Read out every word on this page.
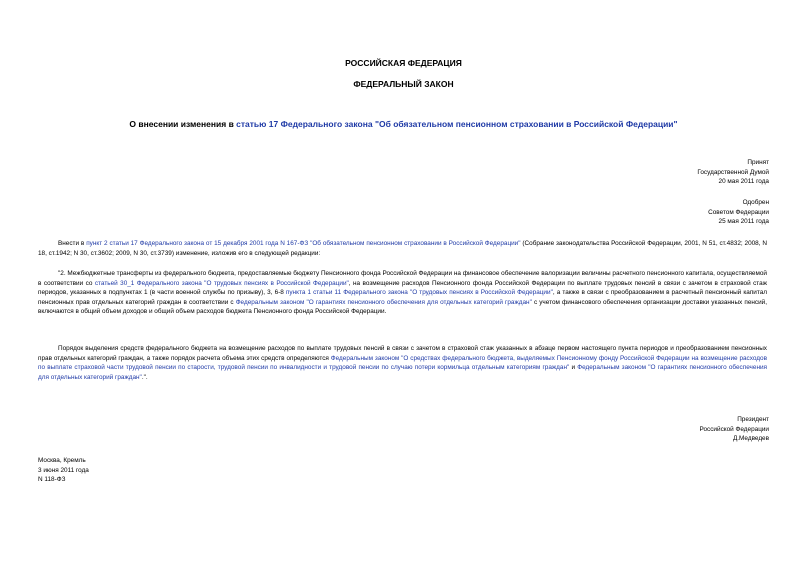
РОССИЙСКАЯ ФЕДЕРАЦИЯ
ФЕДЕРАЛЬНЫЙ ЗАКОН
О внесении изменения в статью 17 Федерального закона "Об обязательном пенсионном страховании в Российской Федерации"
Принят
Государственной Думой
20 мая 2011 года
Одобрен
Советом Федерации
25 мая 2011 года

Внести в пункт 2 статьи 17 Федерального закона от 15 декабря 2001 года N 167-ФЗ "Об обязательном пенсионном страховании в Российской Федерации" (Собрание законодательства Российской Федерации, 2001, N 51, ст.4832; 2008, N 18, ст.1942; N 30, ст.3602; 2009, N 30, ст.3739) изменение, изложив его в следующей редакции:

"2. Межбюджетные трансферты из федерального бюджета, предоставляемые бюджету Пенсионного фонда Российской Федерации на финансовое обеспечение валоризации величины расчетного пенсионного капитала, осуществляемой в соответствии со статьей 30_1 Федерального закона "О трудовых пенсиях в Российской Федерации", на возмещение расходов Пенсионного фонда Российской Федерации по выплате трудовых пенсий в связи с зачетом в страховой стаж периодов, указанных в подпунктах 1 (в части военной службы по призыву), 3, 6-8 пункта 1 статьи 11 Федерального закона "О трудовых пенсиях в Российской Федерации", а также в связи с преобразованием в расчетный пенсионный капитал пенсионных прав отдельных категорий граждан в соответствии с Федеральным законом "О гарантиях пенсионного обеспечения для отдельных категорий граждан" с учетом финансового обеспечения организации доставки указанных пенсий, включаются в общий объем доходов и общий объем расходов бюджета Пенсионного фонда Российской Федерации.

Порядок выделения средств федерального бюджета на возмещение расходов по выплате трудовых пенсий в связи с зачетом в страховой стаж указанных в абзаце первом настоящего пункта периодов и преобразованием пенсионных прав отдельных категорий граждан, а также порядок расчета объема этих средств определяются Федеральным законом "О средствах федерального бюджета, выделяемых Пенсионному фонду Российской Федерации на возмещение расходов по выплате страховой части трудовой пенсии по старости, трудовой пенсии по инвалидности и трудовой пенсии по случаю потери кормильца отдельным категориям граждан" и Федеральным законом "О гарантиях пенсионного обеспечения для отдельных категорий граждан".".

Президент
Российской Федерации
Д.Медведев
Москва, Кремль
3 июня 2011 года
N 118-ФЗ
